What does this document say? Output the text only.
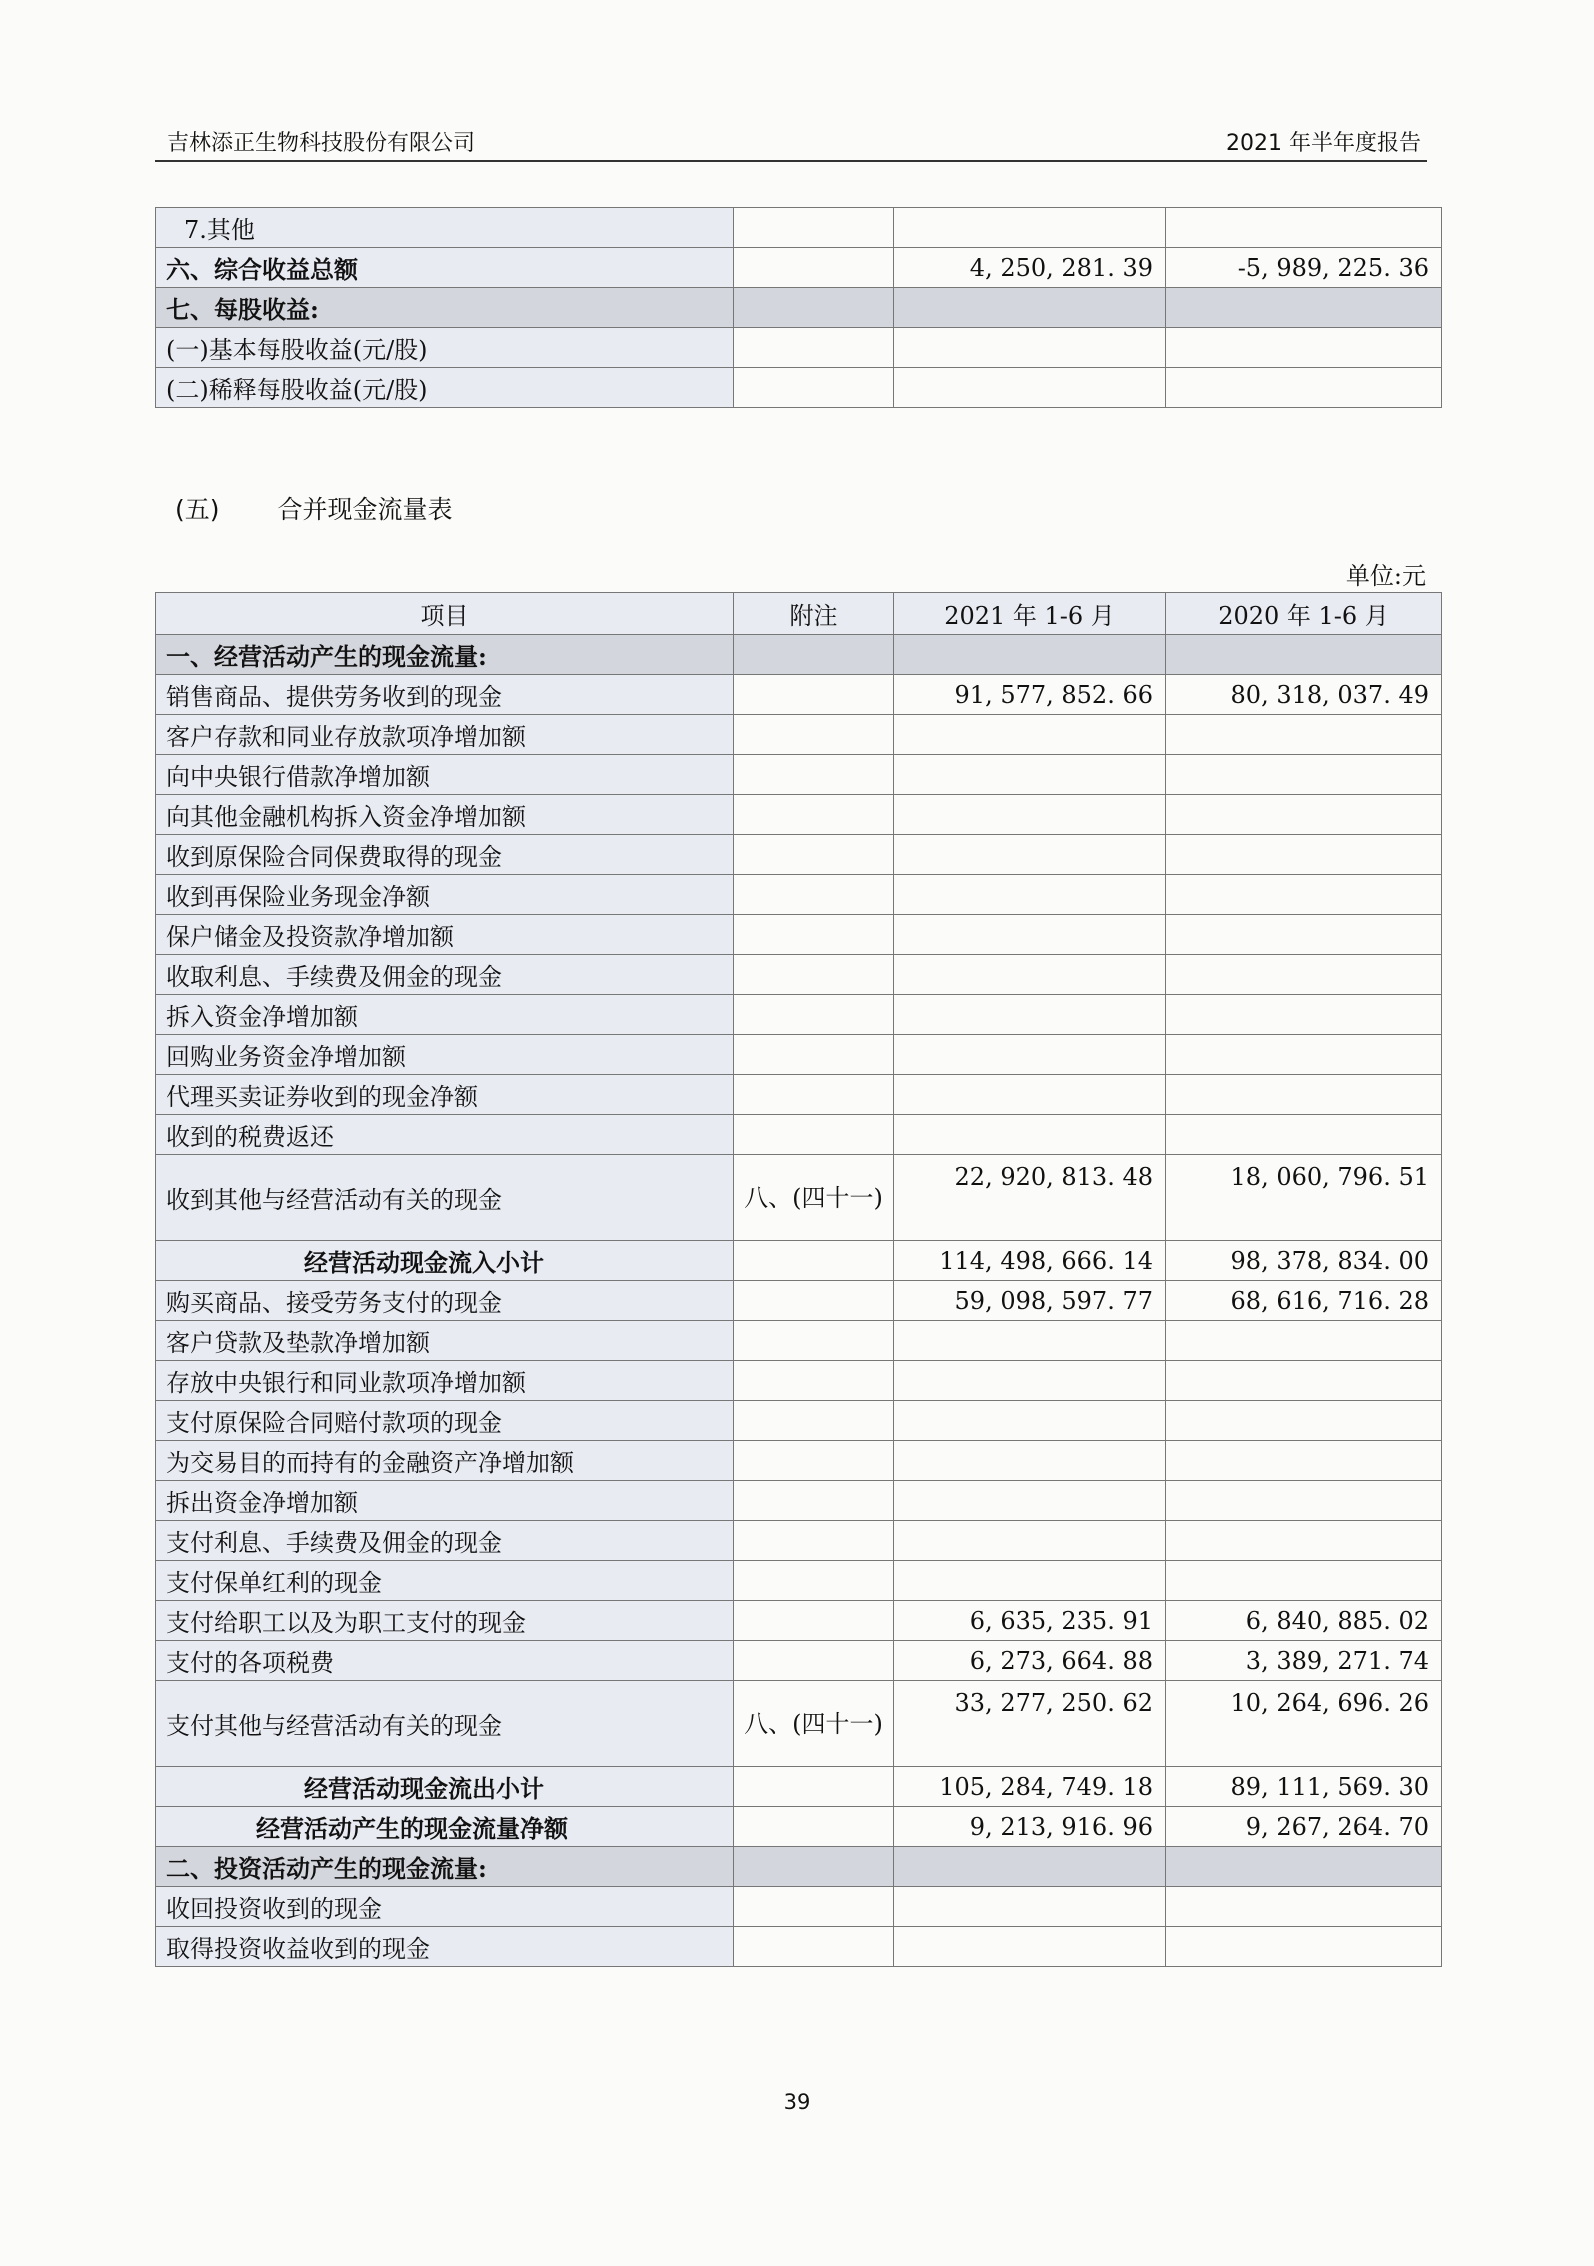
吉林添正生物科技股份有限公司	2021 年半年度报告
7.其他			
六、综合收益总额		4, 250, 281. 39	-5, 989, 225. 36
七、每股收益:			
(一)基本每股收益(元/股)			
(二)稀释每股收益(元/股)			
(五) 合并现金流量表
单位:元
项目	附注	2021 年 1-6 月	2020 年 1-6 月
一、经营活动产生的现金流量:			
销售商品、提供劳务收到的现金		91, 577, 852. 66	80, 318, 037. 49
客户存款和同业存放款项净增加额			
向中央银行借款净增加额			
向其他金融机构拆入资金净增加额			
收到原保险合同保费取得的现金			
收到再保险业务现金净额			
保户储金及投资款净增加额			
收取利息、手续费及佣金的现金			
拆入资金净增加额			
回购业务资金净增加额			
代理买卖证券收到的现金净额			
收到的税费返还			
收到其他与经营活动有关的现金	八、(四十一)	22, 920, 813. 48	18, 060, 796. 51
经营活动现金流入小计		114, 498, 666. 14	98, 378, 834. 00
购买商品、接受劳务支付的现金		59, 098, 597. 77	68, 616, 716. 28
客户贷款及垫款净增加额			
存放中央银行和同业款项净增加额			
支付原保险合同赔付款项的现金			
为交易目的而持有的金融资产净增加额			
拆出资金净增加额			
支付利息、手续费及佣金的现金			
支付保单红利的现金			
支付给职工以及为职工支付的现金		6, 635, 235. 91	6, 840, 885. 02
支付的各项税费		6, 273, 664. 88	3, 389, 271. 74
支付其他与经营活动有关的现金	八、(四十一)	33, 277, 250. 62	10, 264, 696. 26
经营活动现金流出小计		105, 284, 749. 18	89, 111, 569. 30
经营活动产生的现金流量净额		9, 213, 916. 96	9, 267, 264. 70
二、投资活动产生的现金流量:			
收回投资收到的现金			
取得投资收益收到的现金			
39
